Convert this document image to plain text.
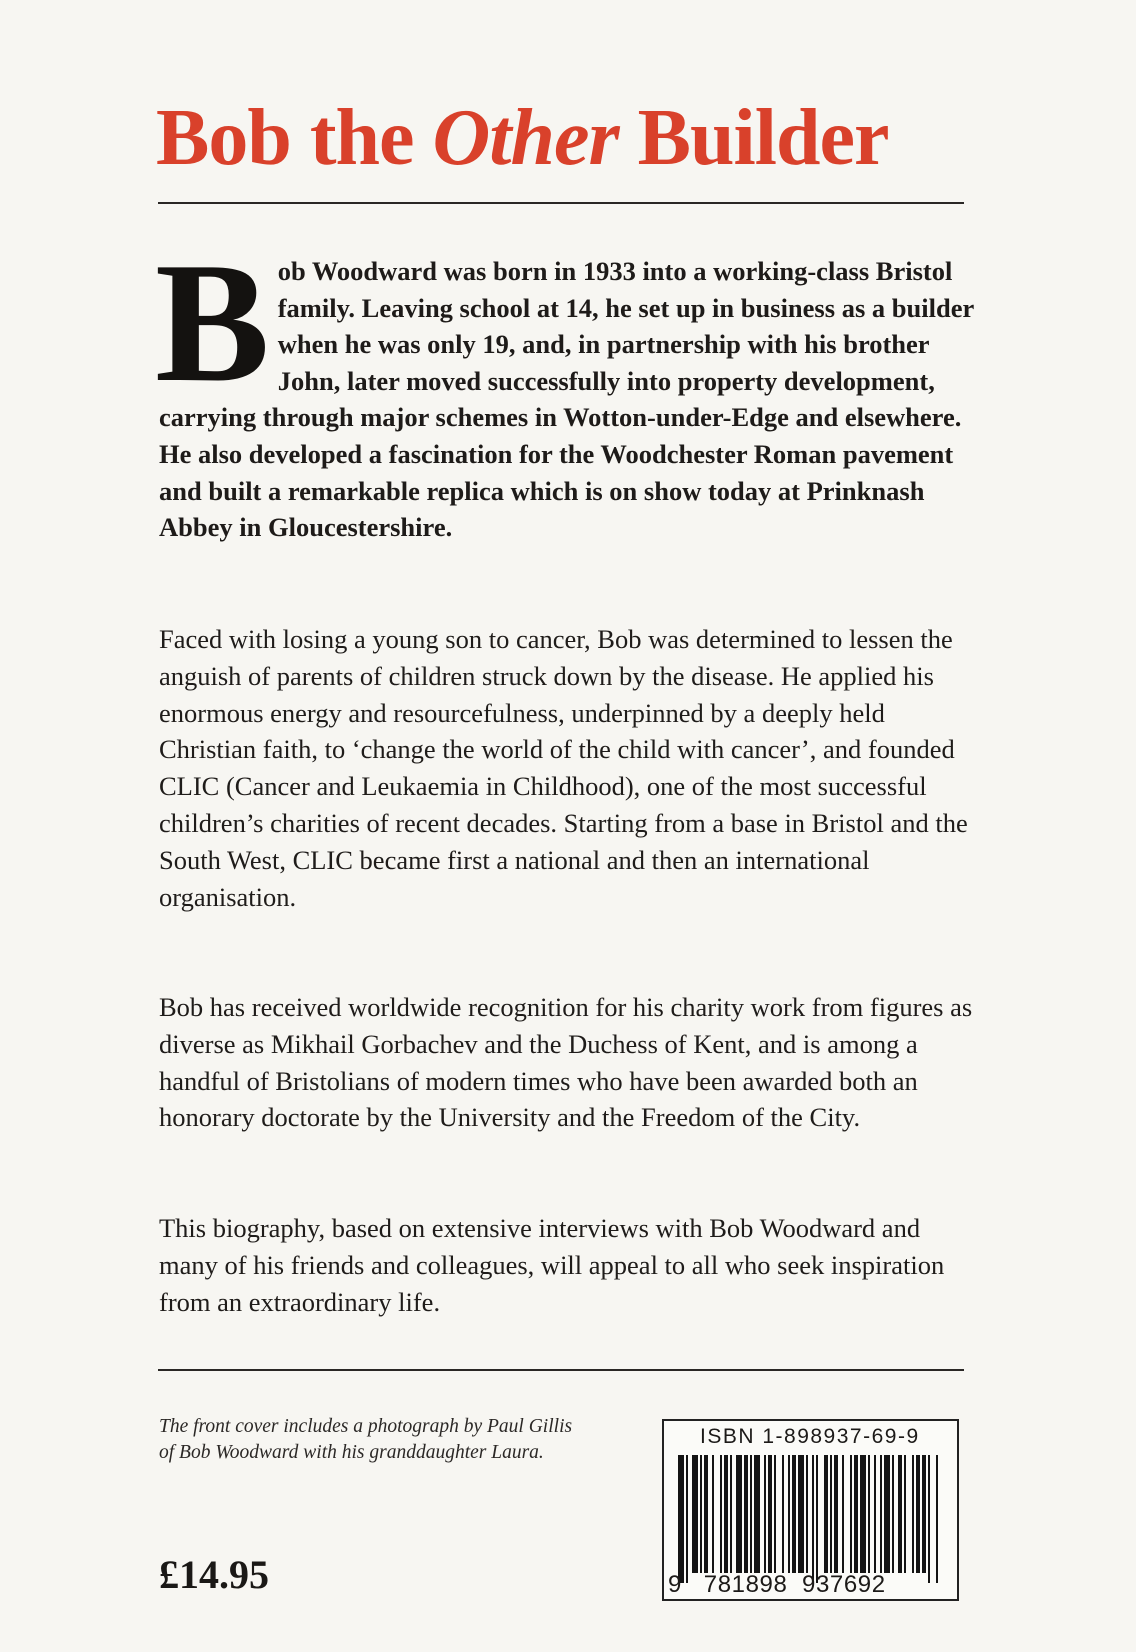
Bob the Other Builder

Bob Woodward was born in 1933 into a working-class Bristol family. Leaving school at 14, he set up in business as a builder when he was only 19, and, in partnership with his brother John, later moved successfully into property development, carrying through major schemes in Wotton-under-Edge and elsewhere. He also developed a fascination for the Woodchester Roman pavement and built a remarkable replica which is on show today at Prinknash Abbey in Gloucestershire.

Faced with losing a young son to cancer, Bob was determined to lessen the anguish of parents of children struck down by the disease. He applied his enormous energy and resourcefulness, underpinned by a deeply held Christian faith, to ‘change the world of the child with cancer’, and founded CLIC (Cancer and Leukaemia in Childhood), one of the most successful children’s charities of recent decades. Starting from a base in Bristol and the South West, CLIC became first a national and then an international organisation.

Bob has received worldwide recognition for his charity work from figures as diverse as Mikhail Gorbachev and the Duchess of Kent, and is among a handful of Bristolians of modern times who have been awarded both an honorary doctorate by the University and the Freedom of the City.

This biography, based on extensive interviews with Bob Woodward and many of his friends and colleagues, will appeal to all who seek inspiration from an extraordinary life.

The front cover includes a photograph by Paul Gillis
of Bob Woodward with his granddaughter Laura.

£14.95
ISBN 1-898937-69-9
9 781898 937692
